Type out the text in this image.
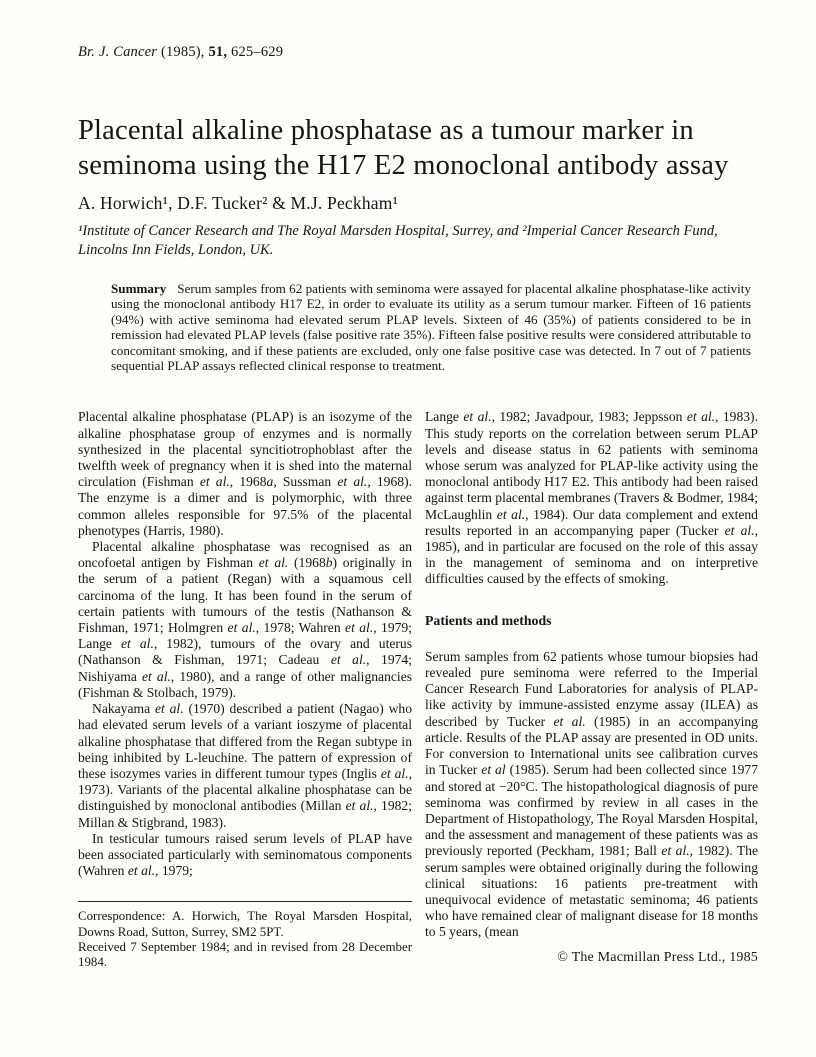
Br. J. Cancer (1985), 51, 625–629
Placental alkaline phosphatase as a tumour marker in
seminoma using the H17 E2 monoclonal antibody assay
A. Horwich¹, D.F. Tucker² & M.J. Peckham¹
¹Institute of Cancer Research and The Royal Marsden Hospital, Surrey, and ²Imperial Cancer Research Fund, Lincolns Inn Fields, London, UK.
Summary Serum samples from 62 patients with seminoma were assayed for placental alkaline phosphatase-like activity using the monoclonal antibody H17 E2, in order to evaluate its utility as a serum tumour marker. Fifteen of 16 patients (94%) with active seminoma had elevated serum PLAP levels. Sixteen of 46 (35%) of patients considered to be in remission had elevated PLAP levels (false positive rate 35%). Fifteen false positive results were considered attributable to concomitant smoking, and if these patients are excluded, only one false positive case was detected. In 7 out of 7 patients sequential PLAP assays reflected clinical response to treatment.

Placental alkaline phosphatase (PLAP) is an isozyme of the alkaline phosphatase group of enzymes and is normally synthesized in the placental syncitiotrophoblast after the twelfth week of pregnancy when it is shed into the maternal circulation (Fishman et al., 1968a, Sussman et al., 1968). The enzyme is a dimer and is polymorphic, with three common alleles responsible for 97.5% of the placental phenotypes (Harris, 1980).

Placental alkaline phosphatase was recognised as an oncofoetal antigen by Fishman et al. (1968b) originally in the serum of a patient (Regan) with a squamous cell carcinoma of the lung. It has been found in the serum of certain patients with tumours of the testis (Nathanson & Fishman, 1971; Holmgren et al., 1978; Wahren et al., 1979; Lange et al., 1982), tumours of the ovary and uterus (Nathanson & Fishman, 1971; Cadeau et al., 1974; Nishiyama et al., 1980), and a range of other malignancies (Fishman & Stolbach, 1979).

Nakayama et al. (1970) described a patient (Nagao) who had elevated serum levels of a variant ioszyme of placental alkaline phosphatase that differed from the Regan subtype in being inhibited by L-leuchine. The pattern of expression of these isozymes varies in different tumour types (Inglis et al., 1973). Variants of the placental alkaline phosphatase can be distinguished by monoclonal antibodies (Millan et al., 1982; Millan & Stigbrand, 1983).

In testicular tumours raised serum levels of PLAP have been associated particularly with seminomatous components (Wahren et al., 1979;

Correspondence: A. Horwich, The Royal Marsden Hospital, Downs Road, Sutton, Surrey, SM2 5PT.
Received 7 September 1984; and in revised from 28 December 1984.

Lange et al., 1982; Javadpour, 1983; Jeppsson et al., 1983). This study reports on the correlation between serum PLAP levels and disease status in 62 patients with seminoma whose serum was analyzed for PLAP-like activity using the monoclonal antibody H17 E2. This antibody had been raised against term placental membranes (Travers & Bodmer, 1984; McLaughlin et al., 1984). Our data complement and extend results reported in an accompanying paper (Tucker et al., 1985), and in particular are focused on the role of this assay in the management of seminoma and on interpretive difficulties caused by the effects of smoking.

Patients and methods

Serum samples from 62 patients whose tumour biopsies had revealed pure seminoma were referred to the Imperial Cancer Research Fund Laboratories for analysis of PLAP-like activity by immune-assisted enzyme assay (ILEA) as described by Tucker et al. (1985) in an accompanying article. Results of the PLAP assay are presented in OD units. For conversion to International units see calibration curves in Tucker et al (1985). Serum had been collected since 1977 and stored at −20°C. The histopathological diagnosis of pure seminoma was confirmed by review in all cases in the Department of Histopathology, The Royal Marsden Hospital, and the assessment and management of these patients was as previously reported (Peckham, 1981; Ball et al., 1982). The serum samples were obtained originally during the following clinical situations: 16 patients pre-treatment with unequivocal evidence of metastatic seminoma; 46 patients who have remained clear of malignant disease for 18 months to 5 years, (mean

© The Macmillan Press Ltd., 1985
